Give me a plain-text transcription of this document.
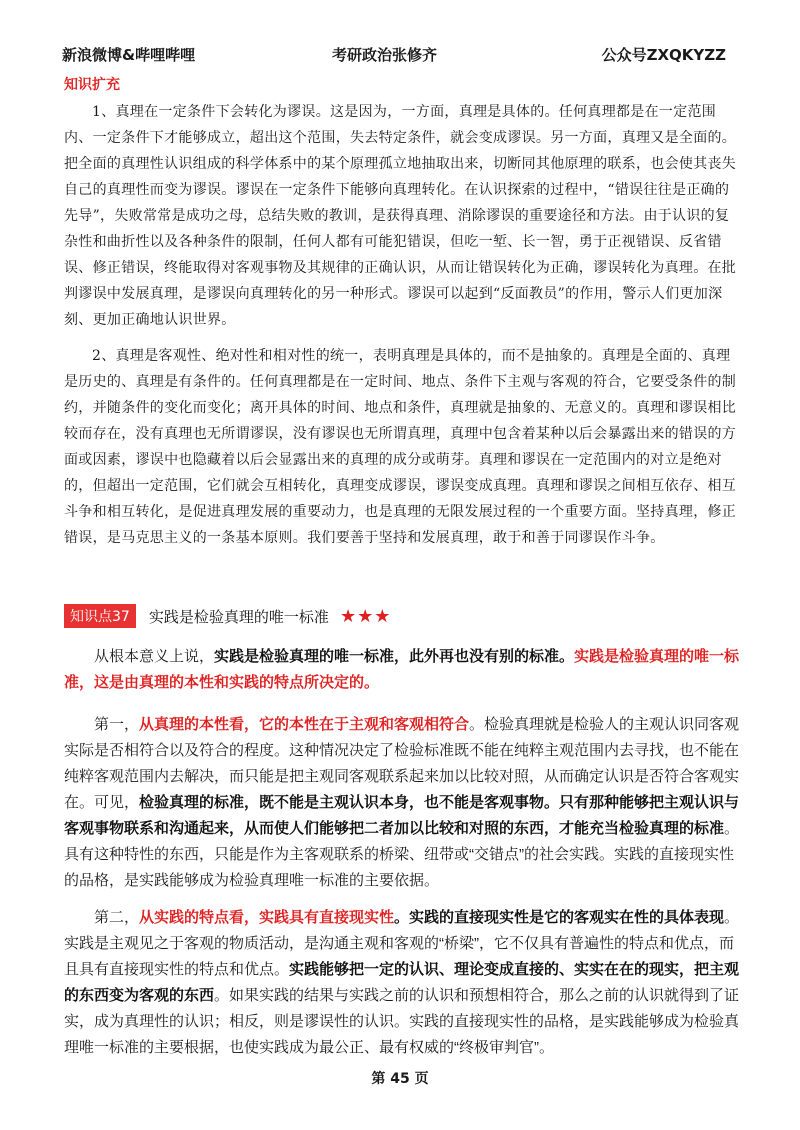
新浪微博&哔哩哔哩	考研政治张修齐	公众号ZXQKYZZ
知识扩充

1、真理在一定条件下会转化为谬误。这是因为，一方面，真理是具体的。任何真理都是在一定范围内、一定条件下才能够成立，超出这个范围，失去特定条件，就会变成谬误。另一方面，真理又是全面的。把全面的真理性认识组成的科学体系中的某个原理孤立地抽取出来，切断同其他原理的联系，也会使其丧失自己的真理性而变为谬误。谬误在一定条件下能够向真理转化。在认识探索的过程中，“错误往往是正确的先导”，失败常常是成功之母，总结失败的教训，是获得真理、消除谬误的重要途径和方法。由于认识的复杂性和曲折性以及各种条件的限制，任何人都有可能犯错误，但吃一堑、长一智，勇于正视错误、反省错误、修正错误，终能取得对客观事物及其规律的正确认识，从而让错误转化为正确，谬误转化为真理。在批判谬误中发展真理，是谬误向真理转化的另一种形式。谬误可以起到“反面教员”的作用，警示人们更加深刻、更加正确地认识世界。

2、真理是客观性、绝对性和相对性的统一，表明真理是具体的，而不是抽象的。真理是全面的、真理是历史的、真理是有条件的。任何真理都是在一定时间、地点、条件下主观与客观的符合，它要受条件的制约，并随条件的变化而变化；离开具体的时间、地点和条件，真理就是抽象的、无意义的。真理和谬误相比较而存在，没有真理也无所谓谬误，没有谬误也无所谓真理，真理中包含着某种以后会暴露出来的错误的方面或因素，谬误中也隐藏着以后会显露出来的真理的成分或萌芽。真理和谬误在一定范围内的对立是绝对的，但超出一定范围，它们就会互相转化，真理变成谬误，谬误变成真理。真理和谬误之间相互依存、相互斗争和相互转化，是促进真理发展的重要动力，也是真理的无限发展过程的一个重要方面。坚持真理，修正错误，是马克思主义的一条基本原则。我们要善于坚持和发展真理，敢于和善于同谬误作斗争。

知识点37 实践是检验真理的唯一标准 ★★★

从根本意义上说，实践是检验真理的唯一标准，此外再也没有别的标准。实践是检验真理的唯一标准，这是由真理的本性和实践的特点所决定的。

第一，从真理的本性看，它的本性在于主观和客观相符合。检验真理就是检验人的主观认识同客观实际是否相符合以及符合的程度。这种情况决定了检验标准既不能在纯粹主观范围内去寻找，也不能在纯粹客观范围内去解决，而只能是把主观同客观联系起来加以比较对照，从而确定认识是否符合客观实在。可见，检验真理的标准，既不能是主观认识本身，也不能是客观事物。只有那种能够把主观认识与客观事物联系和沟通起来，从而使人们能够把二者加以比较和对照的东西，才能充当检验真理的标准。具有这种特性的东西，只能是作为主客观联系的桥梁、纽带或“交错点”的社会实践。实践的直接现实性的品格，是实践能够成为检验真理唯一标准的主要依据。

第二，从实践的特点看，实践具有直接现实性。实践的直接现实性是它的客观实在性的具体表现。实践是主观见之于客观的物质活动，是沟通主观和客观的“桥梁”，它不仅具有普遍性的特点和优点，而且具有直接现实性的特点和优点。实践能够把一定的认识、理论变成直接的、实实在在的现实，把主观的东西变为客观的东西。如果实践的结果与实践之前的认识和预想相符合，那么之前的认识就得到了证实，成为真理性的认识；相反，则是谬误性的认识。实践的直接现实性的品格，是实践能够成为检验真理唯一标准的主要根据，也使实践成为最公正、最有权威的“终极审判官”。

第 45 页
